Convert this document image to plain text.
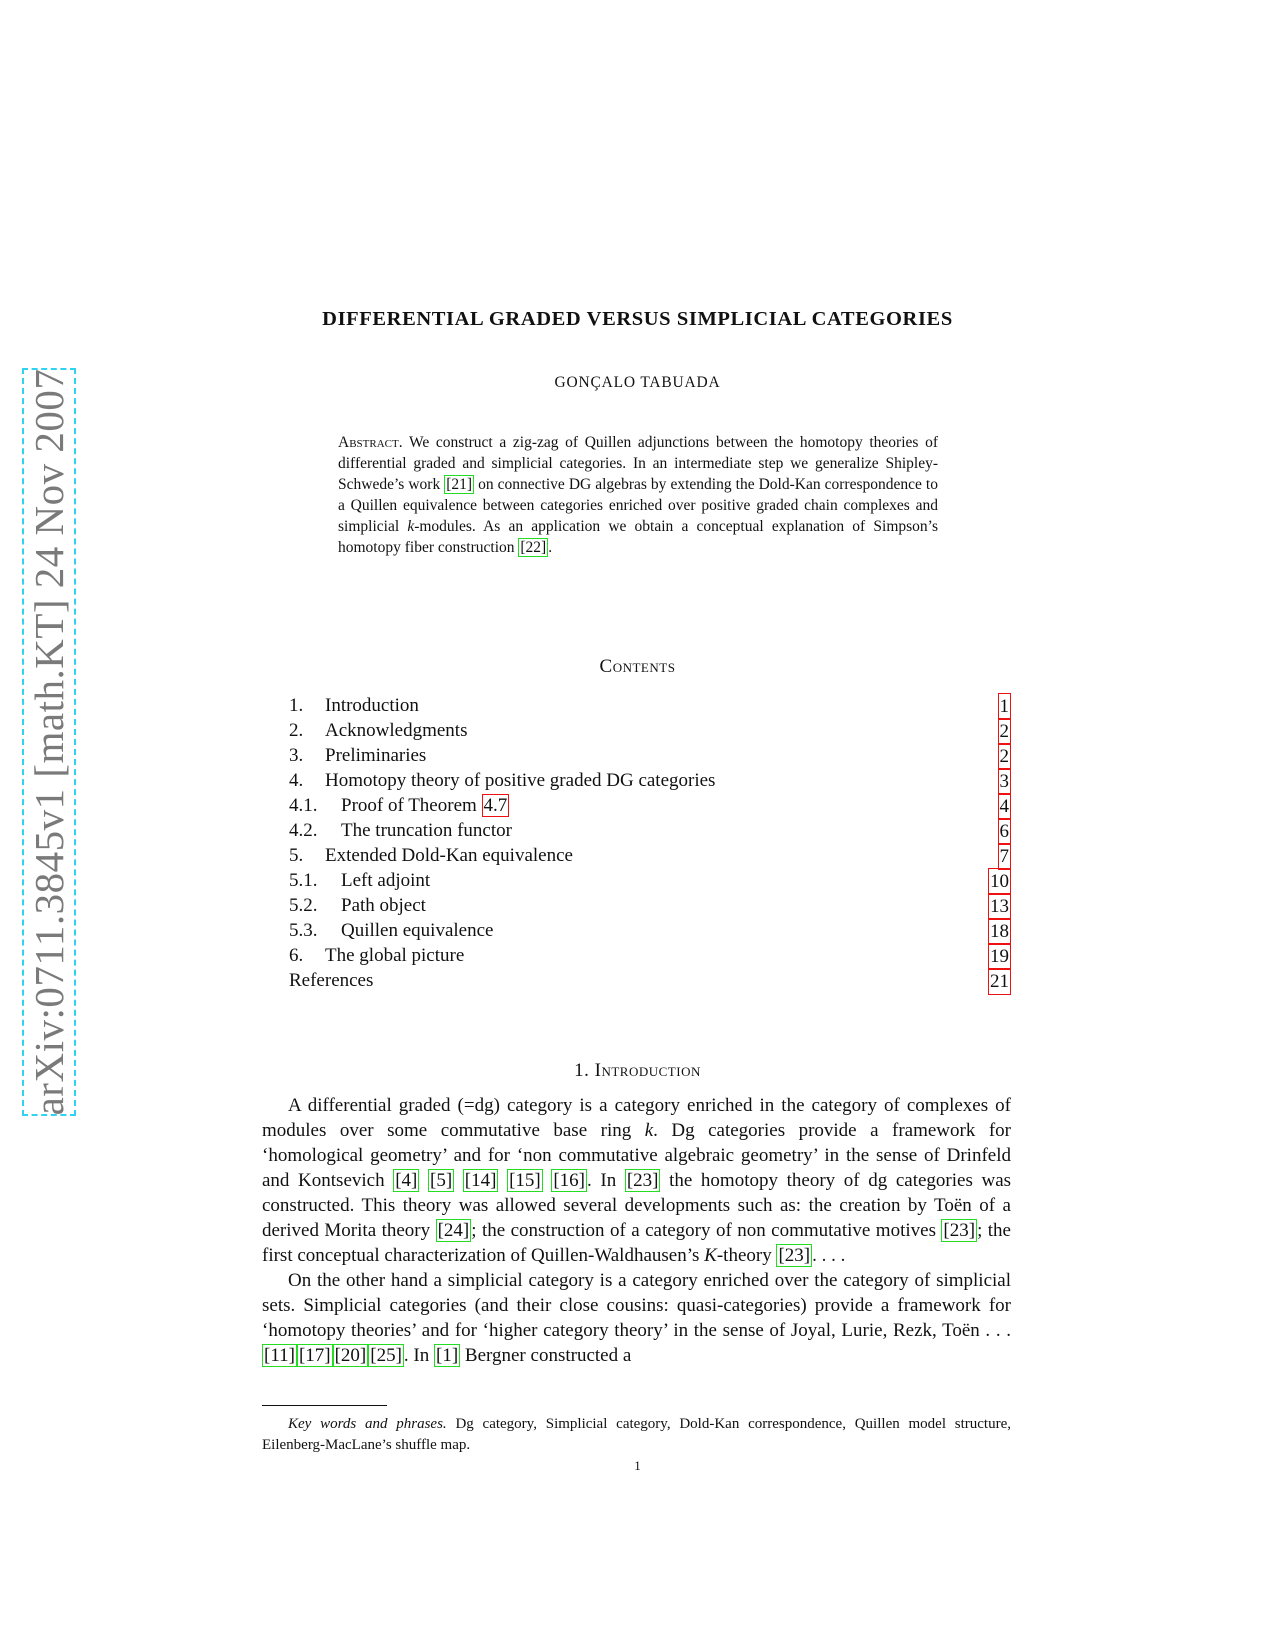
arXiv:0711.3845v1 [math.KT] 24 Nov 2007
DIFFERENTIAL GRADED VERSUS SIMPLICIAL CATEGORIES
GONÇALO TABUADA
Abstract. We construct a zig-zag of Quillen adjunctions between the homotopy theories of differential graded and simplicial categories. In an intermediate step we generalize Shipley-Schwede’s work [21] on connective DG algebras by extending the Dold-Kan correspondence to a Quillen equivalence between categories enriched over positive graded chain complexes and simplicial k-modules. As an application we obtain a conceptual explanation of Simpson’s homotopy fiber construction [22] .
Contents
1. Introduction	1
2. Acknowledgments	2
3. Preliminaries	2
4. Homotopy theory of positive graded DG categories	3
4.1. Proof of Theorem 4.7	4
4.2. The truncation functor	6
5. Extended Dold-Kan equivalence	7
5.1. Left adjoint	10
5.2. Path object	13
5.3. Quillen equivalence	18
6. The global picture	19
References	21
1. Introduction

A differential graded (=dg) category is a category enriched in the category of complexes of modules over some commutative base ring k. Dg categories provide a framework for ‘homological geometry’ and for ‘non commutative algebraic geometry’ in the sense of Drinfeld and Kontsevich [4] [5] [14] [15] [16] . In [23] the homotopy theory of dg categories was constructed. This theory was allowed several developments such as: the creation by Toën of a derived Morita theory [24] ; the construction of a category of non commutative motives [23] ; the first conceptual characterization of Quillen-Waldhausen’s K-theory [23] . . . .

On the other hand a simplicial category is a category enriched over the category of simplicial sets. Simplicial categories (and their close cousins: quasi-categories) provide a framework for ‘homotopy theories’ and for ‘higher category theory’ in the sense of Joyal, Lurie, Rezk, Toën . . . [11] [17] [20] [25] . In [1] Bergner constructed a

Key words and phrases. Dg category, Simplicial category, Dold-Kan correspondence, Quillen model structure, Eilenberg-MacLane’s shuffle map.
1
